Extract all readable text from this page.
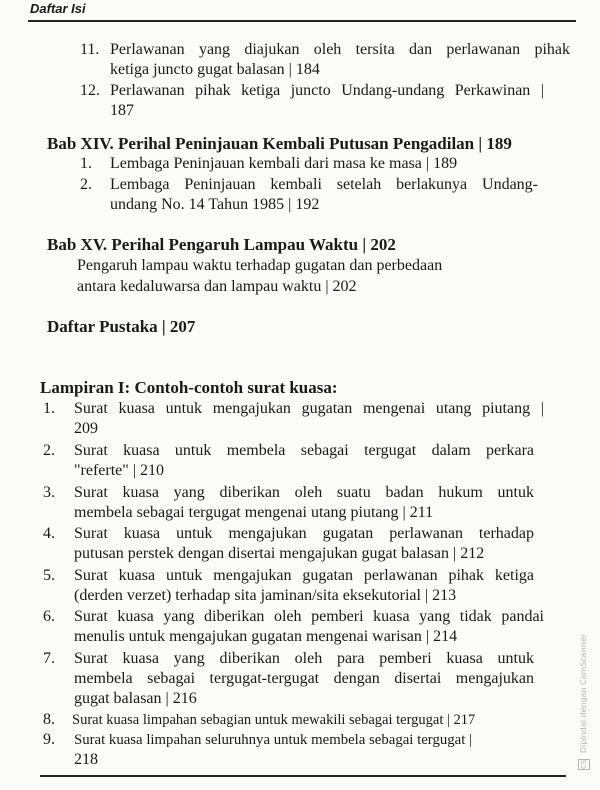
Daftar Isi
11. Perlawanan yang diajukan oleh tersita dan perlawanan pihak
ketiga juncto gugat balasan | 184
12. Perlawanan pihak ketiga juncto Undang-undang Perkawinan |
187
Bab XIV. Perihal Peninjauan Kembali Putusan Pengadilan | 189
1. Lembaga Peninjauan kembali dari masa ke masa | 189
2. Lembaga Peninjauan kembali setelah berlakunya Undang-
undang No. 14 Tahun 1985 | 192
Bab XV. Perihal Pengaruh Lampau Waktu | 202
Pengaruh lampau waktu terhadap gugatan dan perbedaan
antara kedaluwarsa dan lampau waktu | 202
Daftar Pustaka | 207
Lampiran I: Contoh-contoh surat kuasa:
1. Surat kuasa untuk mengajukan gugatan mengenai utang piutang |
209
2. Surat kuasa untuk membela sebagai tergugat dalam perkara
"referte" | 210
3. Surat kuasa yang diberikan oleh suatu badan hukum untuk
membela sebagai tergugat mengenai utang piutang | 211
4. Surat kuasa untuk mengajukan gugatan perlawanan terhadap
putusan perstek dengan disertai mengajukan gugat balasan | 212
5. Surat kuasa untuk mengajukan gugatan perlawanan pihak ketiga
(derden verzet) terhadap sita jaminan/sita eksekutorial | 213
6. Surat kuasa yang diberikan oleh pemberi kuasa yang tidak pandai
menulis untuk mengajukan gugatan mengenai warisan | 214
7. Surat kuasa yang diberikan oleh para pemberi kuasa untuk
membela sebagai tergugat-tergugat dengan disertai mengajukan
gugat balasan | 216
8. Surat kuasa limpahan sebagian untuk mewakili sebagai tergugat | 217
9. Surat kuasa limpahan seluruhnya untuk membela sebagai tergugat |
218	CS Dipindai dengan CamScanner
